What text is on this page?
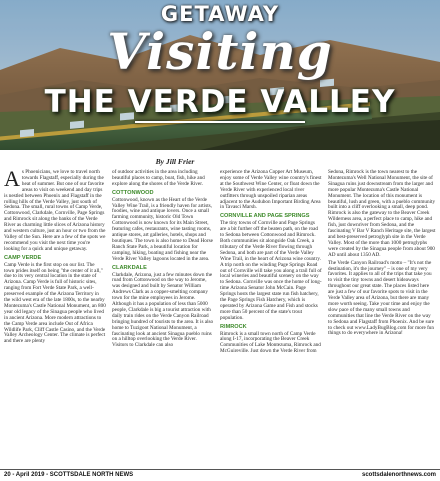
GETAWAY
Visiting
THE VERDE VALLEY
By Jill Frier

As Phoenicians, we love to travel north towards Flagstaff, especially during the heat of summer. But one of our favorite areas to visit on weekend and day trips is nestled between Phoenix and Flagstaff in the rolling hills of the Verde Valley, just south of Sedona. The small, rural towns of Camp Verde, Cottonwood, Clarkdale, Cornville, Page Springs and Rimrock sit along the banks of the Verde River as charming little slices of Arizona history and western culture, just an hour or two from the Valley of the Sun. Here are a few of the spots we recommend you visit the next time you're looking for a quick and unique getaway.

CAMP VERDE

Camp Verde is the first stop on our list. The town prides itself on being "the center of it all," due to its very central location in the state of Arizona. Camp Verde is full of historic sites, ranging from Fort Verde State Park, a well-preserved example of the Arizona Territory in the wild west era of the late 1800s, to the nearby Montezuma's Castle National Monument, an 800 year old legacy of the Sinagua people who lived in ancient Arizona. More modern attractions to the Camp Verde area include Out of Africa Wildlife Park, Cliff Castle Casino, and the Verde Valley Archeology Center. The climate is perfect and there are plenty

of outdoor activities in the area including beautiful places to camp, boat, fish, hike and explore along the shores of the Verde River.

COTTONWOOD

Cottonwood, known as the Heart of the Verde Valley Wine Trail, is a friendly haven for artists, foodies, wine and antique lovers. Once a small farming community, historic Old Town Cottonwood is now known for its Main Street, featuring cafes, restaurants, wine tasting rooms, antique stores, art galleries, hotels, shops and boutiques. The town is also home to Dead Horse Ranch State Park, a beautiful location for camping, hiking, boating and fishing near the Verde River Valley lagoons located in the area.

CLARKDALE

Clarkdale, Arizona, just a few minutes down the road from Cottonwood on the way to Jerome, was designed and built by Senator William Andrews Clark as a copper-smelting company town for the mine employees in Jerome. Although it has a population of less than 5000 people, Clarkdale is big a tourist attraction with daily train rides on the Verde Canyon Railroad bringing hundred of tourists to the area. It is also home to Tuzigoot National Monument, a fascinating look at ancient Sinagua pueblo ruins on a hilltop overlooking the Verde River. Visitors to Clarkdale can also

experience the Arizona Copper Art Museum, enjoy some of Verde Valley wine country's finest at the Southwest Wine Center, or float down the Verde River with experienced local river outfitters through unspoiled riparian areas adjacent to the Audubon Important Birding Area in Tavasci Marsh.

CORNVILLE AND PAGE SPRINGS

The tiny towns of Cornville and Page Springs are a bit further off the beaten path, on the road to Sedona between Cottonwood and Rimrock. Both communities sit alongside Oak Creek, a tributary of the Verde River flowing through Sedona, and both are part of the Verde Valley Wine Trail, in the heart of Arizona wine country. A trip north on the winding Page Springs Road out of Cornville will take you along a trail full of local wineries and beautiful scenery on the way to Sedona. Cornville was once the home of long-time Arizona Senator John McCain. Page Springs hosts the largest state run fish hatchery, the Page Springs Fish Hatchery, which is operated by Arizona Game and Fish and stocks more than 50 percent of the state's trout population.

RIMROCK

Rimrock is a small town north of Camp Verde along I-17, incorporating the Beaver Creek Communities of Lake Montezuma, Rimrock and McGuireville. Just down the Verde River from

Sedona, Rimrock is the town nearest to the Montezuma's Well National Monument, the site of Sinagua ruins just downstream from the larger and more popular Montezuma's Castle National Monument. The location of this monument is beautiful, lush and green, with a pueblo community built into a cliff overlooking a small, deep pond. Rimrock is also the gateway to the Beaver Creek Wilderness area, a perfect place to camp, hike and fish, just downriver from Sedona, and the fascinating V Bar V Ranch Heritage site, the largest and best-preserved petroglyph site in the Verde Valley. Most of the more than 1000 petroglyphs were created by the Sinagua people from about 900 AD until about 1350 AD.

The Verde Canyon Railroad's motto – "It's not the destination, it's the journey" – is one of my very favorites. It applies to all of the trips that take you to visit the tiny towns and desert hideaways throughout our great state. The places listed here are just a few of our favorite spots to visit in the Verde Valley area of Arizona, but there are many more worth seeing. Take your time and enjoy the slow pace of the many small towns and communities that line the Verde River on the way to Sedona and Flagstaff from Phoenix. And be sure to check out www.LadyBugBlog.com for more fun things to do everywhere in Arizona!

20 - April 2019 - SCOTTSDALE NORTH NEWS	scottsdalenorthnews.com
